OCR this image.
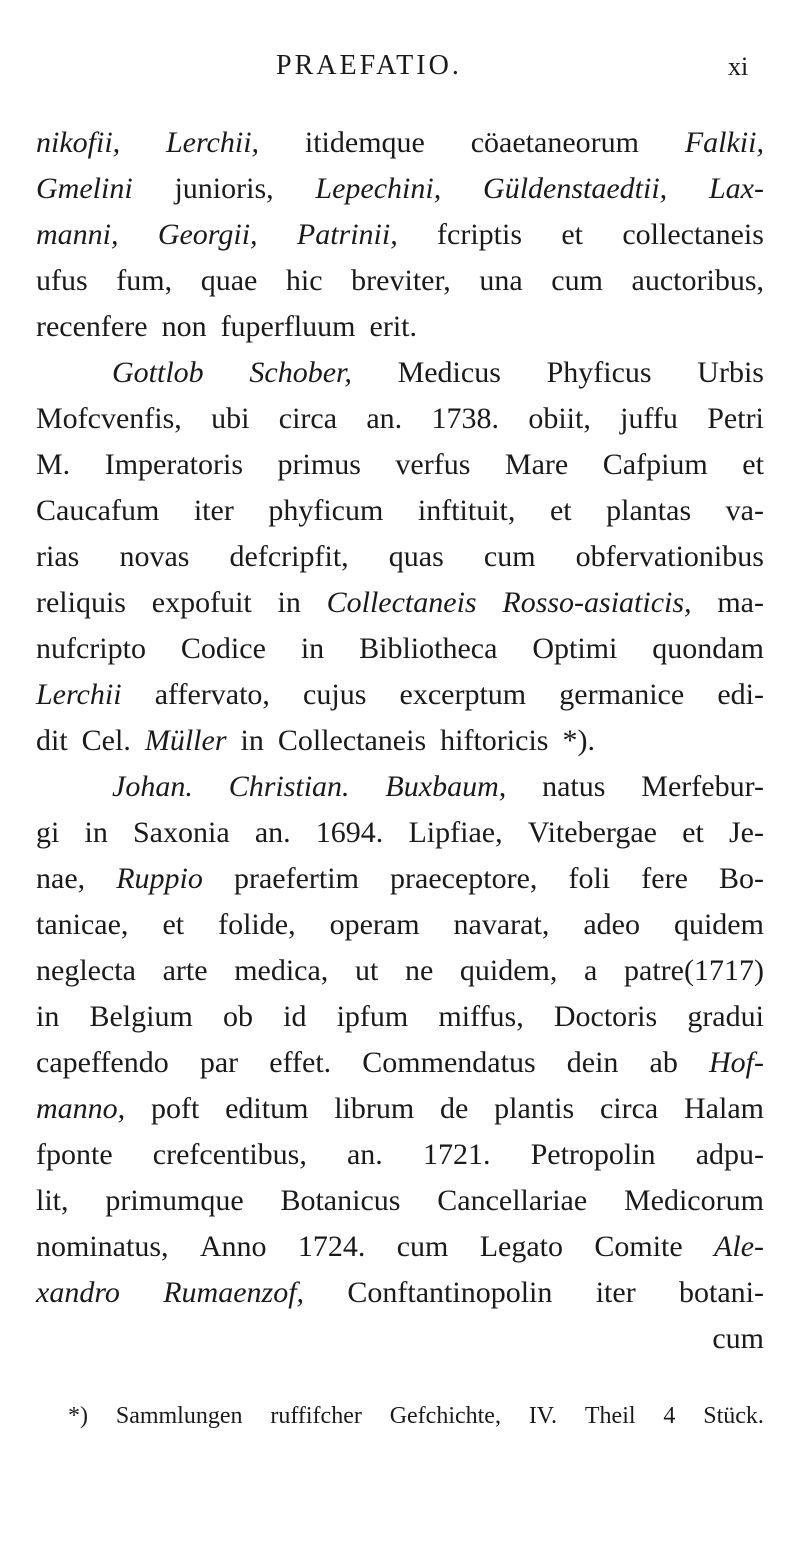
PRAEFATIO.	xi
nikofii, Lerchii, itidemque cöaetaneorum Falkii,
Gmelini junioris, Lepechini, Güldenstaedtii, Lax-
manni, Georgii, Patrinii, fcriptis et collectaneis
ufus fum, quae hic breviter, una cum auctoribus,
recenfere non fuperfluum erit.
Gottlob Schober, Medicus Phyficus Urbis
Mofcvenfis, ubi circa an. 1738. obiit, juffu Petri
M. Imperatoris primus verfus Mare Cafpium et
Caucafum iter phyficum inftituit, et plantas va-
rias novas defcripfit, quas cum obfervationibus
reliquis expofuit in Collectaneis Rosso-asiaticis, ma-
nufcripto Codice in Bibliotheca Optimi quondam
Lerchii affervato, cujus excerptum germanice edi-
dit Cel. Müller in Collectaneis hiftoricis *).
Johan. Christian. Buxbaum, natus Merfebur-
gi in Saxonia an. 1694. Lipfiae, Vitebergae et Je-
nae, Ruppio praefertim praeceptore, foli fere Bo-
tanicae, et folide, operam navarat, adeo quidem
neglecta arte medica, ut ne quidem, a patre(1717)
in Belgium ob id ipfum miffus, Doctoris gradui
capeffendo par effet. Commendatus dein ab Hof-
manno, poft editum librum de plantis circa Halam
fponte crefcentibus, an. 1721. Petropolin adpu-
lit, primumque Botanicus Cancellariae Medicorum
nominatus, Anno 1724. cum Legato Comite Ale-
xandro Rumaenzof, Conftantinopolin iter botani-
cum
*) Sammlungen ruffifcher Gefchichte, IV. Theil 4 Stück.
